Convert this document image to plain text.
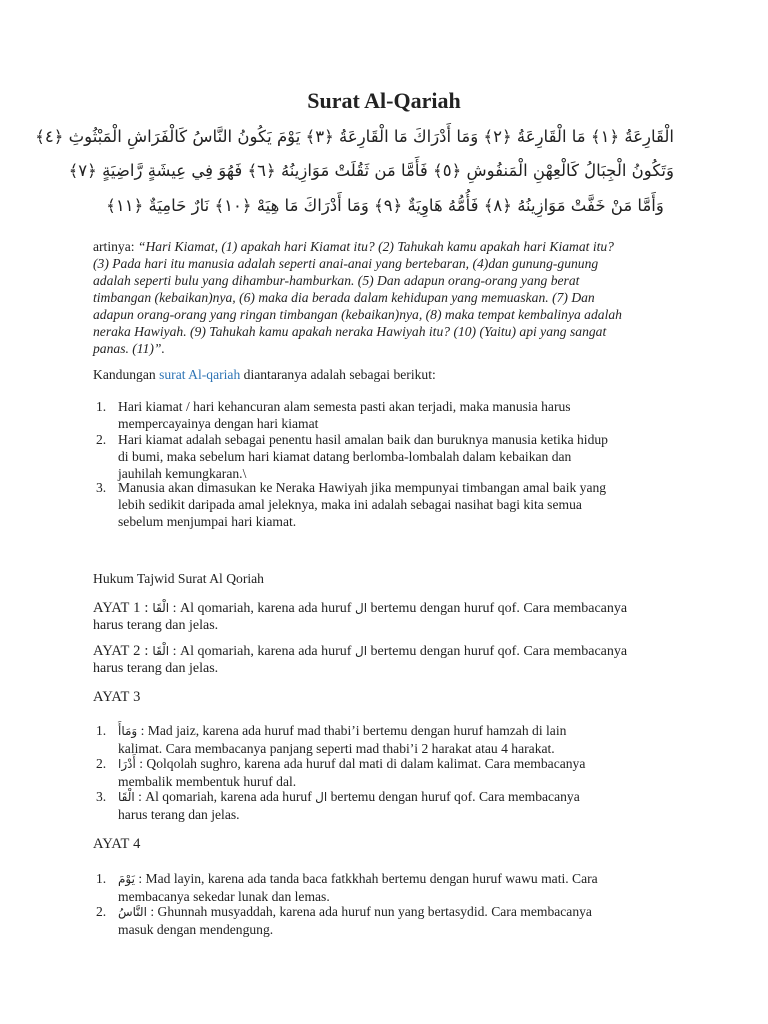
Surat Al-Qariah
الْقَارِعَةُ ﴿١﴾ مَا الْقَارِعَةُ ﴿٢﴾ وَمَا أَدْرَاكَ مَا الْقَارِعَةُ ﴿٣﴾ يَوْمَ يَكُونُ النَّاسُ كَالْفَرَاشِ الْمَبْثُوثِ ﴿٤﴾
وَتَكُونُ الْجِبَالُ كَالْعِهْنِ الْمَنفُوشِ ﴿٥﴾ فَأَمَّا مَن ثَقُلَتْ مَوَازِينُهُ ﴿٦﴾ فَهُوَ فِي عِيشَةٍ رَّاضِيَةٍ ﴿٧﴾
وَأَمَّا مَنْ خَفَّتْ مَوَازِينُهُ ﴿٨﴾ فَأُمُّهُ هَاوِيَةٌ ﴿٩﴾ وَمَا أَدْرَاكَ مَا هِيَهْ ﴿١٠﴾ نَارٌ حَامِيَةٌ ﴿١١﴾
artinya: “Hari Kiamat, (1) apakah hari Kiamat itu? (2) Tahukah kamu apakah hari Kiamat itu?
(3) Pada hari itu manusia adalah seperti anai-anai yang bertebaran, (4)dan gunung-gunung
adalah seperti bulu yang dihambur-hamburkan. (5) Dan adapun orang-orang yang berat
timbangan (kebaikan)nya, (6) maka dia berada dalam kehidupan yang memuaskan. (7) Dan
adapun orang-orang yang ringan timbangan (kebaikan)nya, (8) maka tempat kembalinya adalah
neraka Hawiyah. (9) Tahukah kamu apakah neraka Hawiyah itu? (10) (Yaitu) api yang sangat
panas. (11)”.
Kandungan surat Al-qariah diantaranya adalah sebagai berikut:
1. Hari kiamat / hari kehancuran alam semesta pasti akan terjadi, maka manusia harus
mempercayainya dengan hari kiamat
2. Hari kiamat adalah sebagai penentu hasil amalan baik dan buruknya manusia ketika hidup
di bumi, maka sebelum hari kiamat datang berlomba-lombalah dalam kebaikan dan
jauhilah kemungkaran.\
3. Manusia akan dimasukan ke Neraka Hawiyah jika mempunyai timbangan amal baik yang
lebih sedikit daripada amal jeleknya, maka ini adalah sebagai nasihat bagi kita semua
sebelum menjumpai hari kiamat.
Hukum Tajwid Surat Al Qoriah
AYAT 1 : الْقَا : Al qomariah, karena ada huruf ال bertemu dengan huruf qof. Cara membacanya
harus terang dan jelas.
AYAT 2 : الْقَا : Al qomariah, karena ada huruf ال bertemu dengan huruf qof. Cara membacanya
harus terang dan jelas.
AYAT 3
1. وَمَاأَ : Mad jaiz, karena ada huruf mad thabi’i bertemu dengan huruf hamzah di lain
kalimat. Cara membacanya panjang seperti mad thabi’i 2 harakat atau 4 harakat.
2. أَدْرَا : Qolqolah sughro, karena ada huruf dal mati di dalam kalimat. Cara membacanya
membalik membentuk huruf dal.
3. الْقَا : Al qomariah, karena ada huruf ال bertemu dengan huruf qof. Cara membacanya
harus terang dan jelas.
AYAT 4
1. يَوْمَ : Mad layin, karena ada tanda baca fatkkhah bertemu dengan huruf wawu mati. Cara
membacanya sekedar lunak dan lemas.
2. النَّاسُ : Ghunnah musyaddah, karena ada huruf nun yang bertasydid. Cara membacanya
masuk dengan mendengung.
